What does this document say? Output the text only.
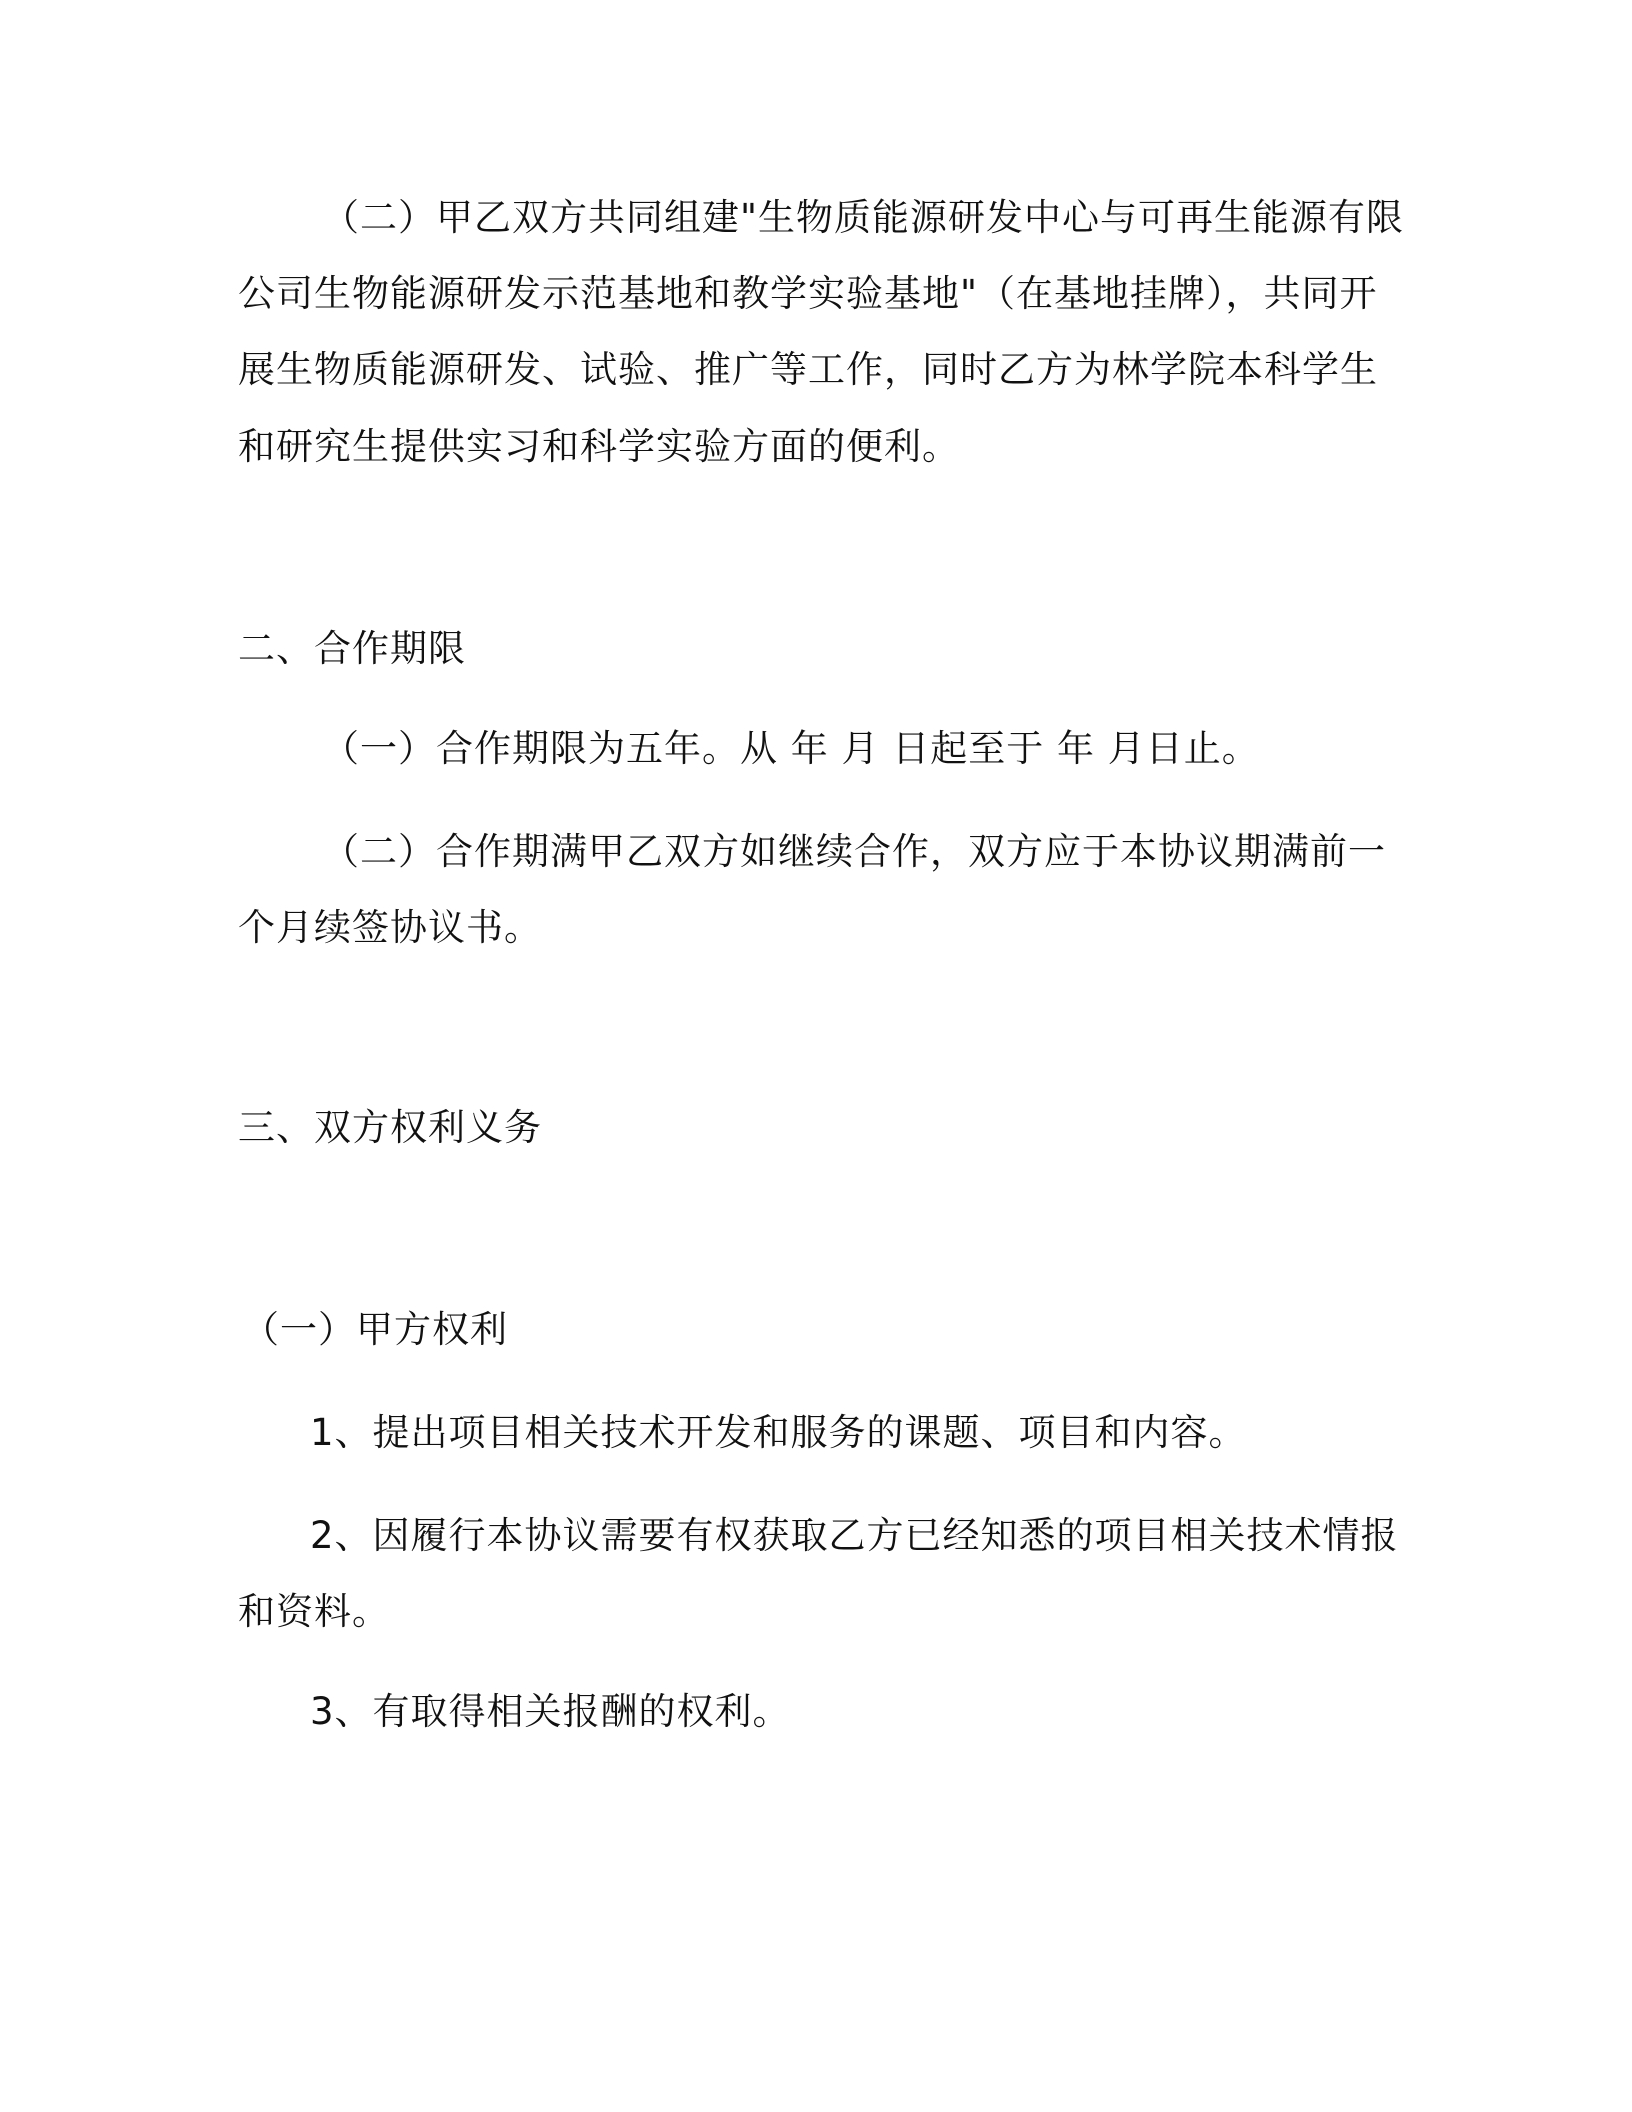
（二）甲乙双方共同组建"生物质能源研发中心与可再生能源有限

公司生物能源研发示范基地和教学实验基地"（在基地挂牌），共同开

展生物质能源研发、试验、推广等工作，同时乙方为林学院本科学生

和研究生提供实习和科学实验方面的便利。

二、合作期限

（一）合作期限为五年。从 年 月 日起至于 年 月日止。

（二）合作期满甲乙双方如继续合作，双方应于本协议期满前一

个月续签协议书。

三、双方权利义务

（一）甲方权利

1、提出项目相关技术开发和服务的课题、项目和内容。

2、因履行本协议需要有权获取乙方已经知悉的项目相关技术情报

和资料。

3、有取得相关报酬的权利。
